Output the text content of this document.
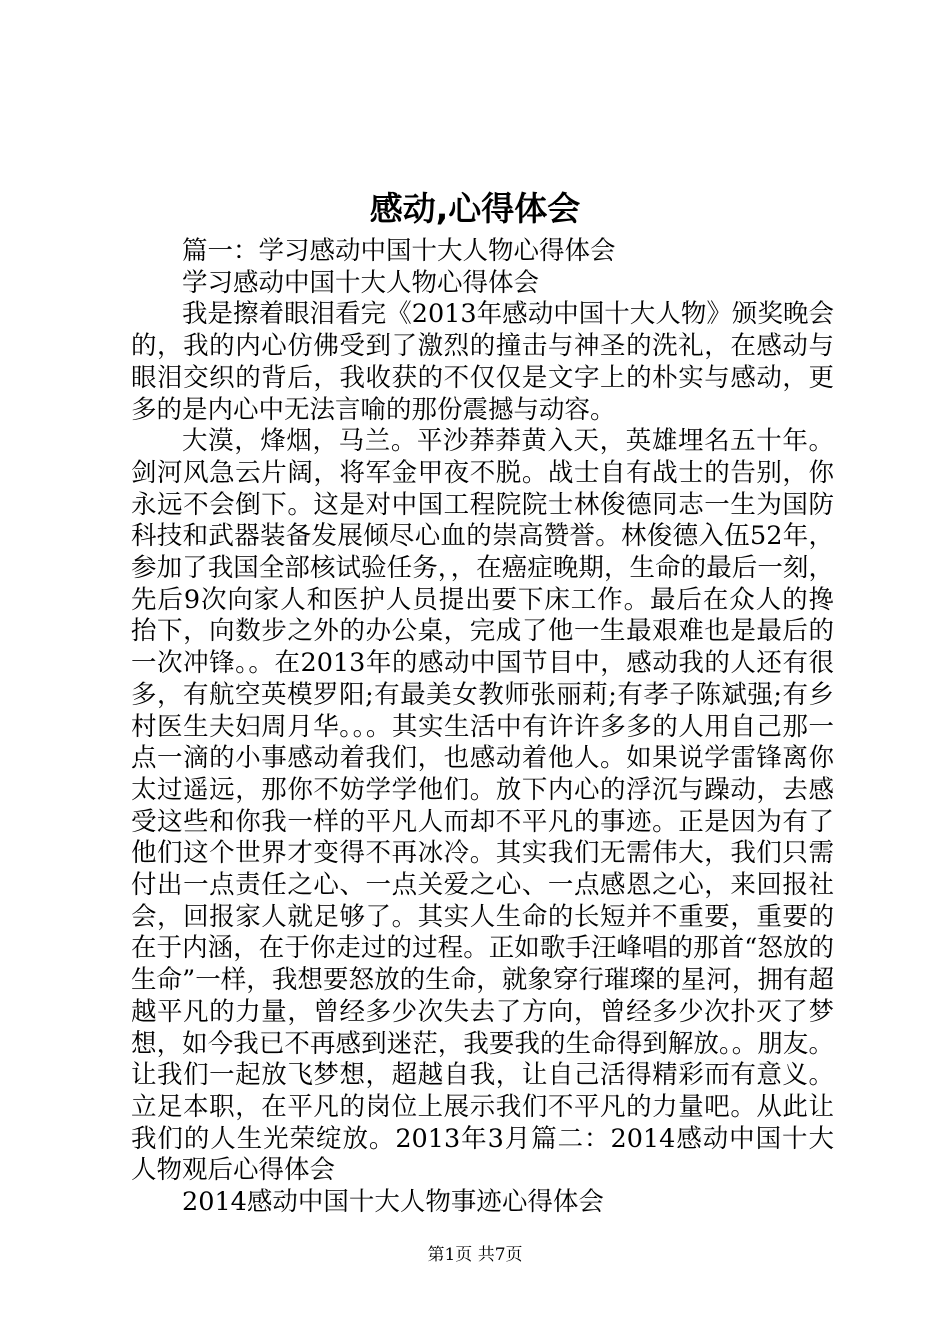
感动,心得体会

篇一：学习感动中国十大人物心得体会

学习感动中国十大人物心得体会

我是擦着眼泪看完《2013年感动中国十大人物》颁奖晚会的，我的内心仿佛受到了激烈的撞击与神圣的洗礼，在感动与眼泪交织的背后，我收获的不仅仅是文字上的朴实与感动，更多的是内心中无法言喻的那份震撼与动容。

大漠，烽烟，马兰。平沙莽莽黄入天，英雄埋名五十年。剑河风急云片阔，将军金甲夜不脱。战士自有战士的告别，你永远不会倒下。这是对中国工程院院士林俊德同志一生为国防科技和武器装备发展倾尽心血的崇高赞誉。林俊德入伍52年，参加了我国全部核试验任务，，在癌症晚期，生命的最后一刻，先后9次向家人和医护人员提出要下床工作。最后在众人的搀抬下，向数步之外的办公桌，完成了他一生最艰难也是最后的一次冲锋。。在2013年的感动中国节目中，感动我的人还有很多，有航空英模罗阳;有最美女教师张丽莉;有孝子陈斌强;有乡村医生夫妇周月华。。。其实生活中有许许多多的人用自己那一点一滴的小事感动着我们，也感动着他人。如果说学雷锋离你太过遥远，那你不妨学学他们。放下内心的浮沉与躁动，去感受这些和你我一样的平凡人而却不平凡的事迹。正是因为有了他们这个世界才变得不再冰冷。其实我们无需伟大，我们只需付出一点责任之心、一点关爱之心、一点感恩之心，来回报社会，回报家人就足够了。其实人生命的长短并不重要，重要的在于内涵，在于你走过的过程。正如歌手汪峰唱的那首“怒放的生命”一样，我想要怒放的生命，就象穿行璀璨的星河，拥有超越平凡的力量，曾经多少次失去了方向，曾经多少次扑灭了梦想，如今我已不再感到迷茫，我要我的生命得到解放。。朋友。让我们一起放飞梦想，超越自我，让自己活得精彩而有意义。立足本职，在平凡的岗位上展示我们不平凡的力量吧。从此让我们的人生光荣绽放。2013年3月篇二：2014感动中国十大人物观后心得体会

2014感动中国十大人物事迹心得体会

第1页 共7页
